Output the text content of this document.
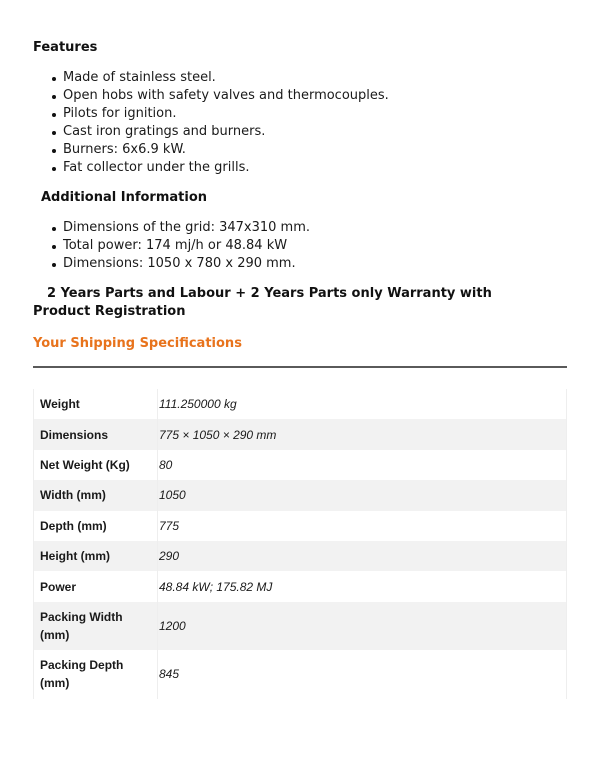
Features
Made of stainless steel.
Open hobs with safety valves and thermocouples.
Pilots for ignition.
Cast iron gratings and burners.
Burners: 6x6.9 kW.
Fat collector under the grills.
Additional Information
Dimensions of the grid: 347x310 mm.
Total power: 174 mj/h or 48.84 kW
Dimensions: 1050 x 780 x 290 mm.
2 Years Parts and Labour + 2 Years Parts only Warranty with Product Registration
Your Shipping Specifications
Weight	111.250000 kg
Dimensions	775 × 1050 × 290 mm
Net Weight (Kg)	80
Width (mm)	1050
Depth (mm)	775
Height (mm)	290
Power	48.84 kW; 175.82 MJ
Packing Width (mm)	1200
Packing Depth (mm)	845
